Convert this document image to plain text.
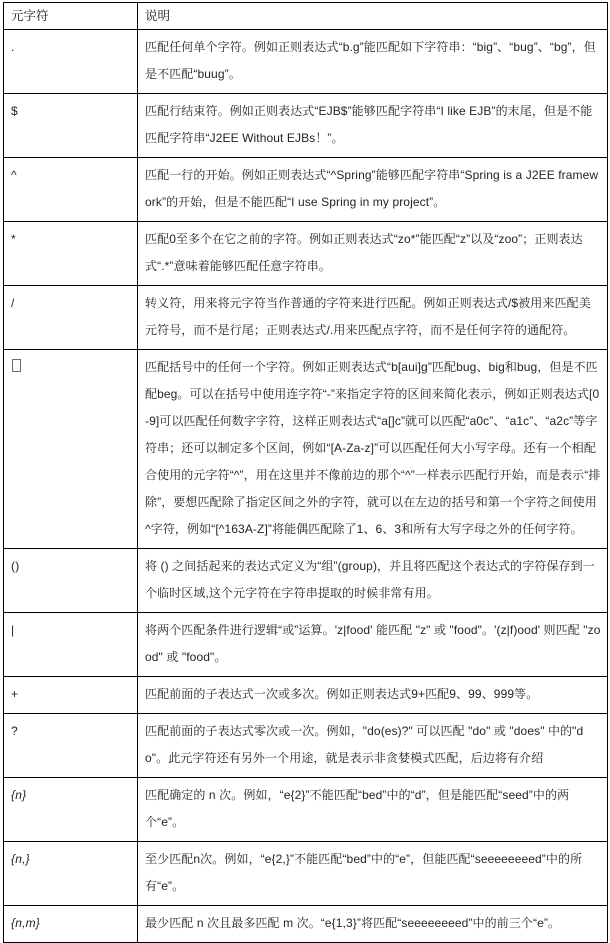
元字符	说明
.	匹配任何单个字符。例如正则表达式“b.g”能匹配如下字符串：“big”、“bug”、“bg”，但是不匹配“buug”。
$	匹配行结束符。例如正则表达式“EJB$”能够匹配字符串“I like EJB”的末尾，但是不能匹配字符串“J2EE Without EJBs！”。
^	匹配一行的开始。例如正则表达式“^Spring”能够匹配字符串“Spring is a J2EE framework”的开始，但是不能匹配“I use Spring in my project”。
*	匹配0至多个在它之前的字符。例如正则表达式“zo*”能匹配“z”以及“zoo”；正则表达式“.*”意味着能够匹配任意字符串。
/	转义符，用来将元字符当作普通的字符来进行匹配。例如正则表达式/$被用来匹配美元符号，而不是行尾；正则表达式/.用来匹配点字符，而不是任何字符的通配符。
	匹配括号中的任何一个字符。例如正则表达式“b[aui]g”匹配bug、big和bug，但是不匹配beg。可以在括号中使用连字符“-”来指定字符的区间来简化表示，例如正则表达式[0-9]可以匹配任何数字字符，这样正则表达式“a[]c”就可以匹配“a0c”、“a1c”、“a2c”等字符串；还可以制定多个区间，例如“[A-Za-z]”可以匹配任何大小写字母。还有一个相配合使用的元字符“^”，用在这里并不像前边的那个“^”一样表示匹配行开始，而是表示“排除”，要想匹配除了指定区间之外的字符，就可以在左边的括号和第一个字符之间使用^字符，例如“[^163A-Z]”将能偶匹配除了1、6、3和所有大写字母之外的任何字符。
()	将 () 之间括起来的表达式定义为“组”(group)，并且将匹配这个表达式的字符保存到一个临时区域,这个元字符在字符串提取的时候非常有用。
|	将两个匹配条件进行逻辑“或”运算。'z|food' 能匹配 "z" 或 "food"。'(z|f)ood' 则匹配 "zood" 或 "food"。
+	匹配前面的子表达式一次或多次。例如正则表达式9+匹配9、99、999等。
?	匹配前面的子表达式零次或一次。例如，"do(es)?" 可以匹配 "do" 或 "does" 中的"do"。此元字符还有另外一个用途，就是表示非贪婪模式匹配，后边将有介绍
{n}	匹配确定的 n 次。例如，“e{2}”不能匹配“bed”中的“d”，但是能匹配“seed”中的两个“e”。
{n,}	至少匹配n次。例如，“e{2,}”不能匹配“bed”中的“e”，但能匹配“seeeeeeeed”中的所有“e”。
{n,m}	最少匹配 n 次且最多匹配 m 次。“e{1,3}”将匹配“seeeeeeeed”中的前三个“e”。
